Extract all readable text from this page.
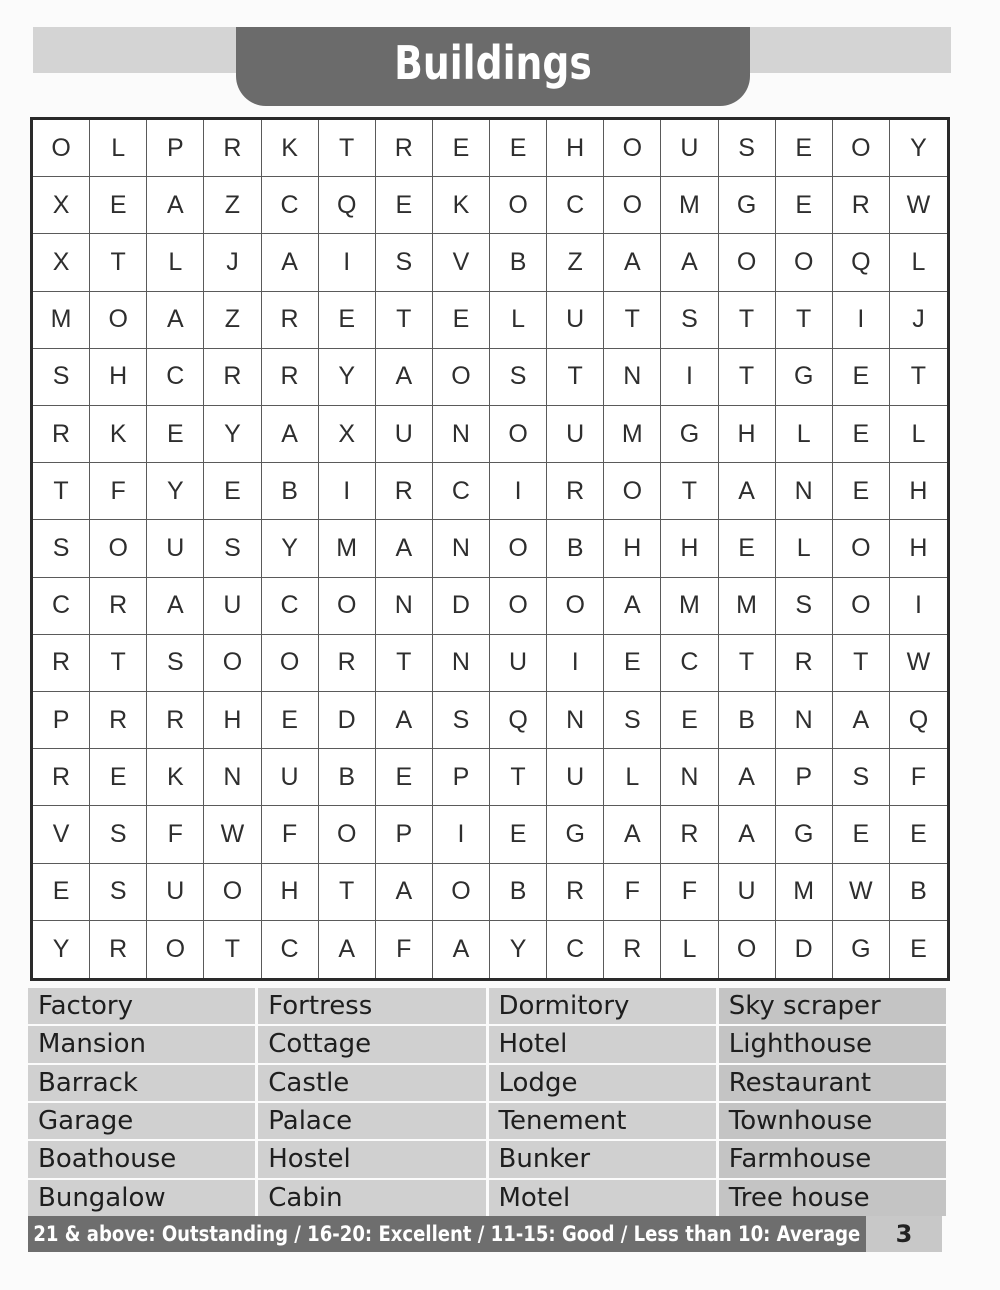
Buildings
O	L	P	R	K	T	R	E	E	H	O	U	S	E	O	Y
X	E	A	Z	C	Q	E	K	O	C	O	M	G	E	R	W
X	T	L	J	A	I	S	V	B	Z	A	A	O	O	Q	L
M	O	A	Z	R	E	T	E	L	U	T	S	T	T	I	J
S	H	C	R	R	Y	A	O	S	T	N	I	T	G	E	T
R	K	E	Y	A	X	U	N	O	U	M	G	H	L	E	L
T	F	Y	E	B	I	R	C	I	R	O	T	A	N	E	H
S	O	U	S	Y	M	A	N	O	B	H	H	E	L	O	H
C	R	A	U	C	O	N	D	O	O	A	M	M	S	O	I
R	T	S	O	O	R	T	N	U	I	E	C	T	R	T	W
P	R	R	H	E	D	A	S	Q	N	S	E	B	N	A	Q
R	E	K	N	U	B	E	P	T	U	L	N	A	P	S	F
V	S	F	W	F	O	P	I	E	G	A	R	A	G	E	E
E	S	U	O	H	T	A	O	B	R	F	F	U	M	W	B
Y	R	O	T	C	A	F	A	Y	C	R	L	O	D	G	E
Factory	Fortress	Dormitory	Sky scraper
Mansion	Cottage	Hotel	Lighthouse
Barrack	Castle	Lodge	Restaurant
Garage	Palace	Tenement	Townhouse
Boathouse	Hostel	Bunker	Farmhouse
Bungalow	Cabin	Motel	Tree house
21 & above: Outstanding / 16-20: Excellent / 11-15: Good / Less than 10: Average	3
